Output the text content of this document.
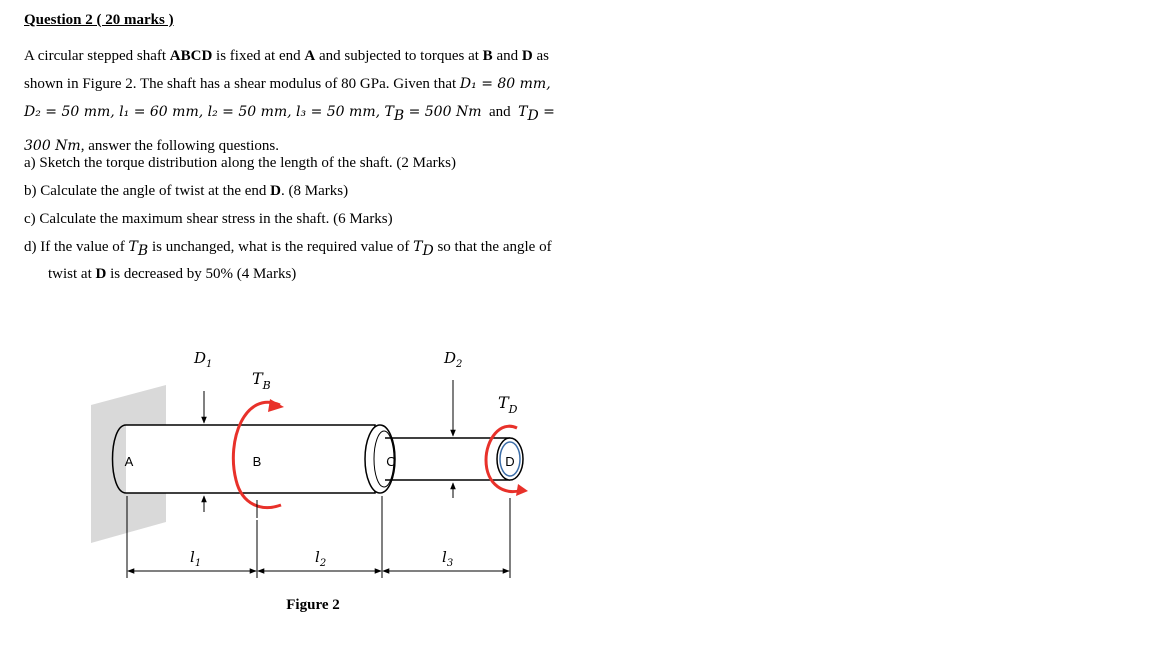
Question 2 ( 20 marks )

A circular stepped shaft ABCD is fixed at end A and subjected to torques at B and D as
shown in Figure 2. The shaft has a shear modulus of 80 GPa. Given that D₁ = 80 mm,
D₂ = 50 mm, l₁ = 60 mm, l₂ = 50 mm, l₃ = 50 mm, $T_B = 500$ Nm  and  $T_D$ =
300 Nm, answer the following questions.

a) Sketch the torque distribution along the length of the shaft. (2 Marks)
b) Calculate the angle of twist at the end D. (8 Marks)
c) Calculate the maximum shear stress in the shaft. (6 Marks)
d) If the value of $T_B$ is unchanged, what is the required value of $T_D$ so that the angle of
twist at D is decreased by 50% (4 Marks)
A	B	C	D
$D_1$	$D_2$
$T_B$
$T_D$
$l_1$	$l_2$	$l_3$
Figure 2
